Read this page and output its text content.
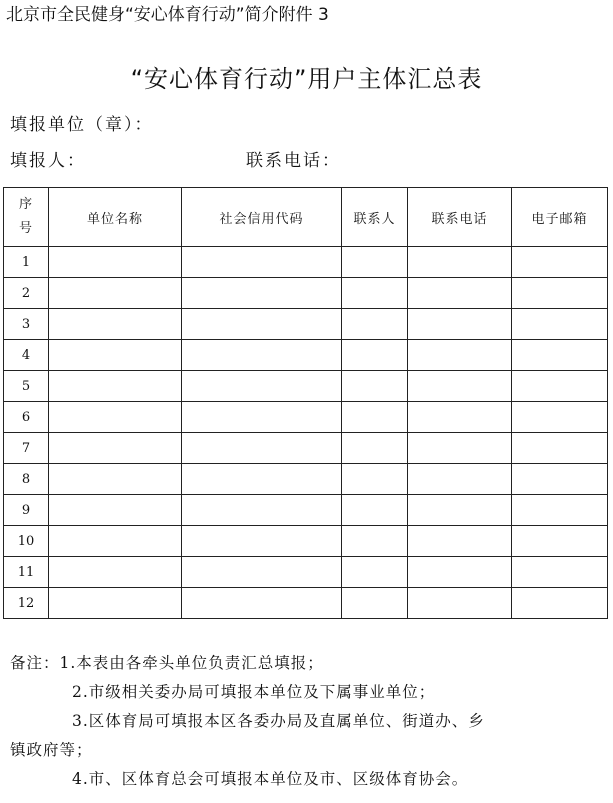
北京市全民健身“安心体育行动”简介附件 3
“安心体育行动”用户主体汇总表
填报单位（章）：
填报人：	联系电话：
序
号	单位名称	社会信用代码	联系人	联系电话	电子邮箱
1					
2					
3					
4					
5					
6					
7					
8					
9					
10					
11					
12					
备注：1.本表由各牵头单位负责汇总填报；
2.市级相关委办局可填报本单位及下属事业单位；
3.区体育局可填报本区各委办局及直属单位、街道办、乡
镇政府等；
4.市、区体育总会可填报本单位及市、区级体育协会。
